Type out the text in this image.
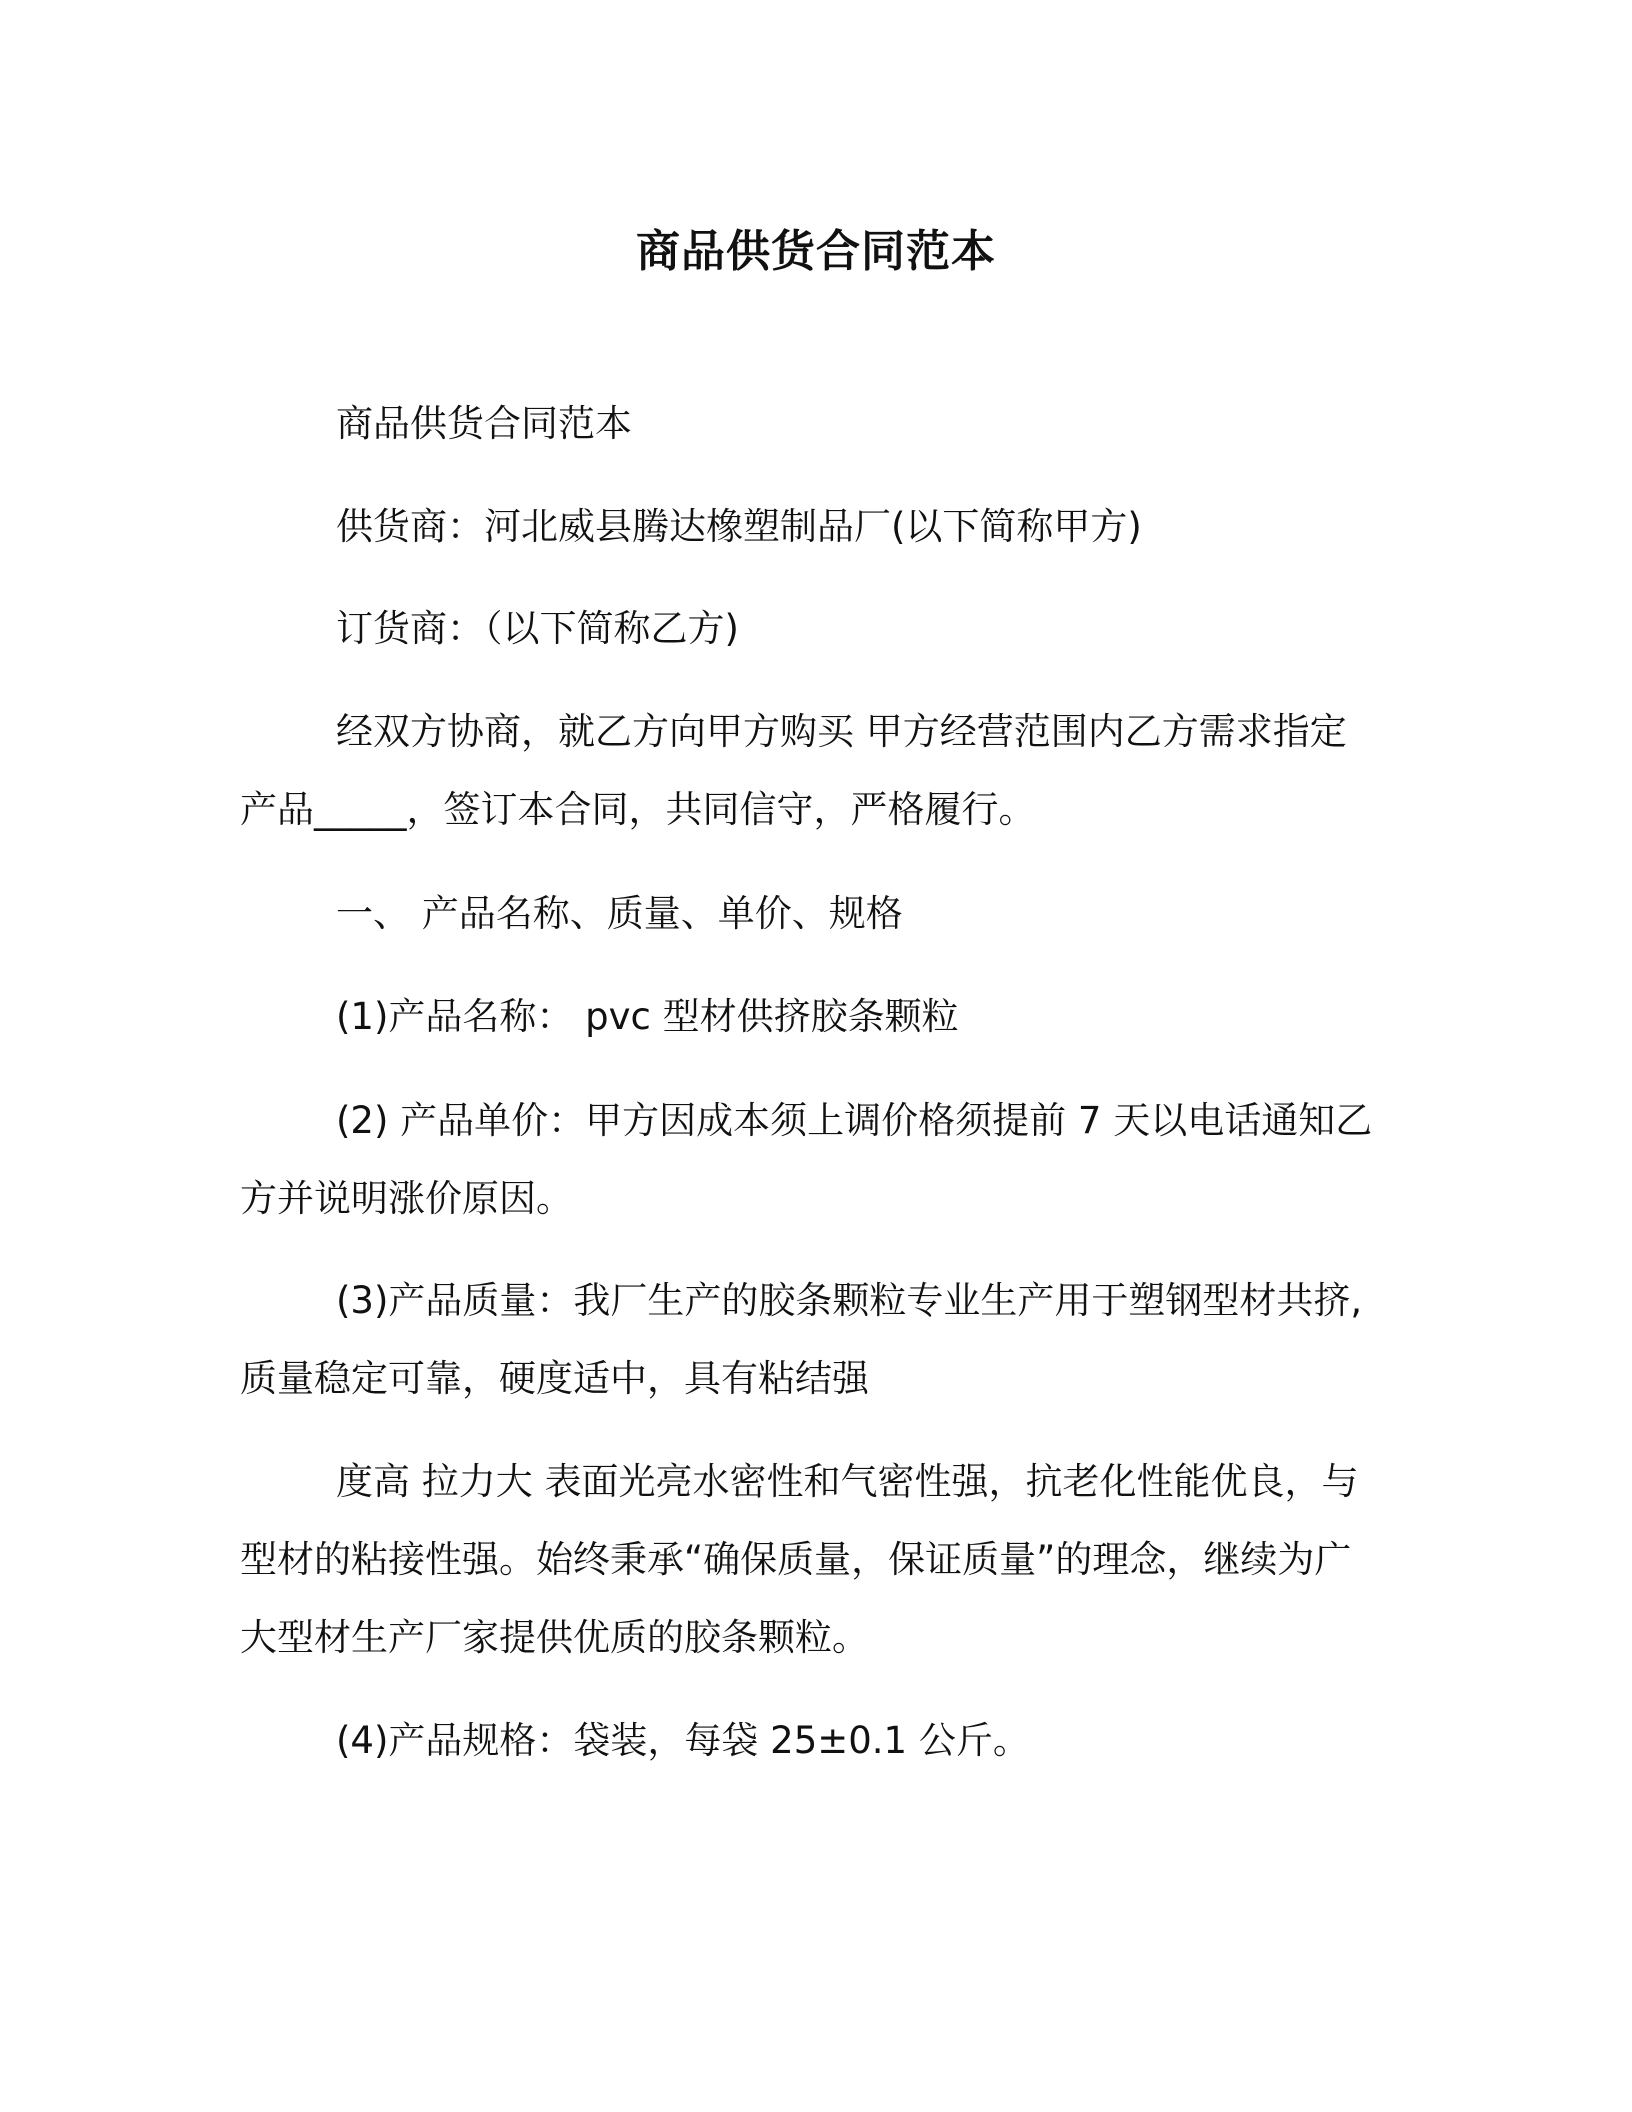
商品供货合同范本

商品供货合同范本

供货商：河北威县腾达橡塑制品厂(以下简称甲方)

订货商：（以下简称乙方)

经双方协商，就乙方向甲方购买 甲方经营范围内乙方需求指定产品_____，签订本合同，共同信守，严格履行。

一、 产品名称、质量、单价、规格

(1)产品名称： pvc 型材供挤胶条颗粒

(2) 产品单价：甲方因成本须上调价格须提前 7 天以电话通知乙方并说明涨价原因。

(3)产品质量：我厂生产的胶条颗粒专业生产用于塑钢型材共挤,质量稳定可靠，硬度适中，具有粘结强

度高 拉力大 表面光亮水密性和气密性强，抗老化性能优良，与型材的粘接性强。始终秉承“确保质量，保证质量”的理念，继续为广大型材生产厂家提供优质的胶条颗粒。

(4)产品规格：袋装，每袋 25±0.1 公斤。
